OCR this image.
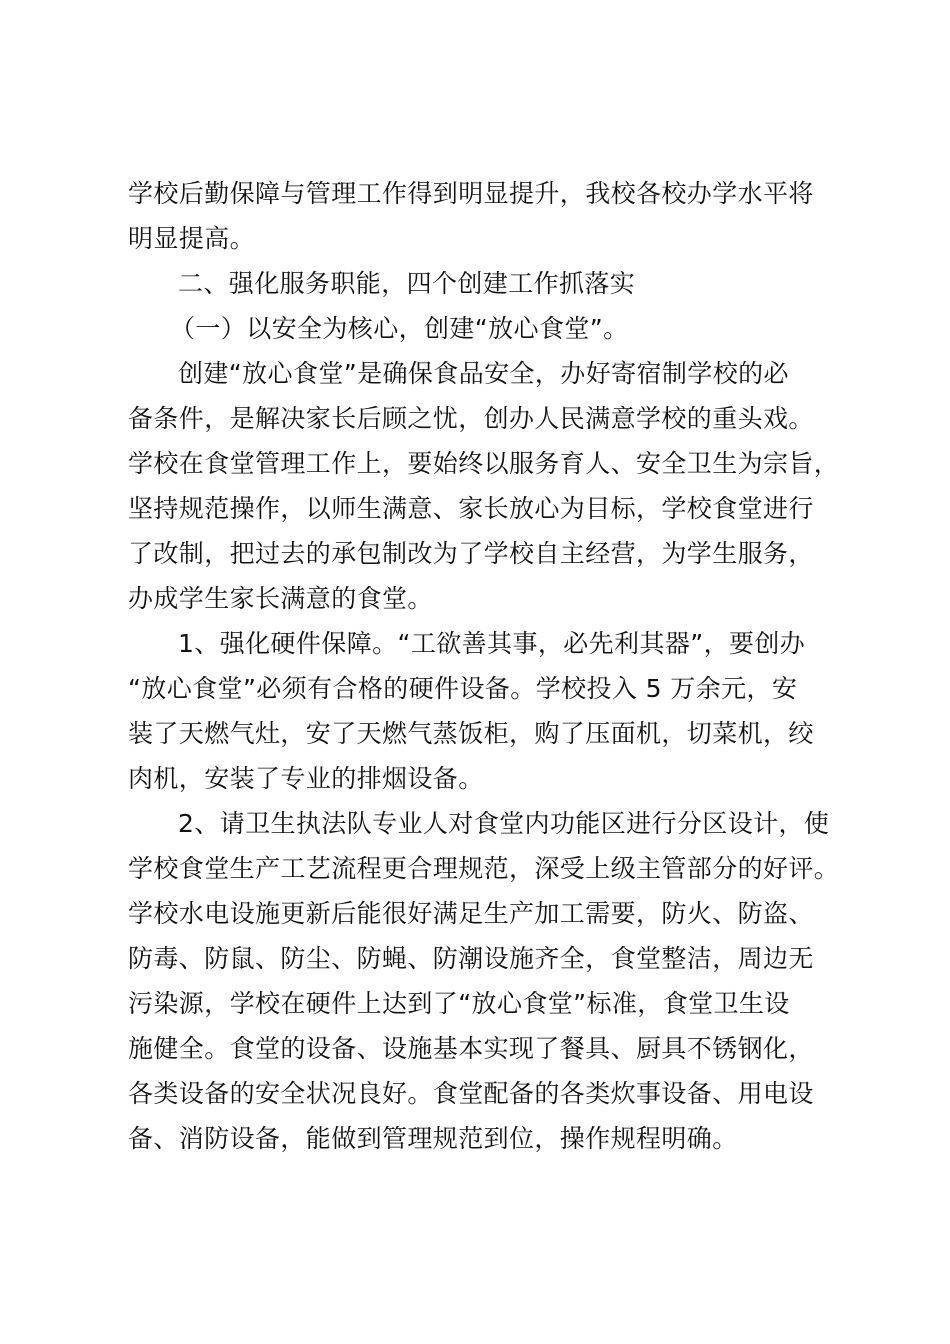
学校后勤保障与管理工作得到明显提升，我校各校办学水平将
明显提高。
二、强化服务职能，四个创建工作抓落实
（一）以安全为核心，创建“放心食堂”。
创建“放心食堂”是确保食品安全，办好寄宿制学校的必
备条件，是解决家长后顾之忧，创办人民满意学校的重头戏。
学校在食堂管理工作上，要始终以服务育人、安全卫生为宗旨，
坚持规范操作，以师生满意、家长放心为目标，学校食堂进行
了改制，把过去的承包制改为了学校自主经营，为学生服务，
办成学生家长满意的食堂。
1、强化硬件保障。“工欲善其事，必先利其器”，要创办
“放心食堂”必须有合格的硬件设备。学校投入 5 万余元，安
装了天燃气灶，安了天燃气蒸饭柜，购了压面机，切菜机，绞
肉机，安装了专业的排烟设备。
2、请卫生执法队专业人对食堂内功能区进行分区设计，使
学校食堂生产工艺流程更合理规范，深受上级主管部分的好评。
学校水电设施更新后能很好满足生产加工需要，防火、防盗、
防毒、防鼠、防尘、防蝇、防潮设施齐全，食堂整洁，周边无
污染源，学校在硬件上达到了“放心食堂”标准，食堂卫生设
施健全。食堂的设备、设施基本实现了餐具、厨具不锈钢化，
各类设备的安全状况良好。食堂配备的各类炊事设备、用电设
备、消防设备，能做到管理规范到位，操作规程明确。
